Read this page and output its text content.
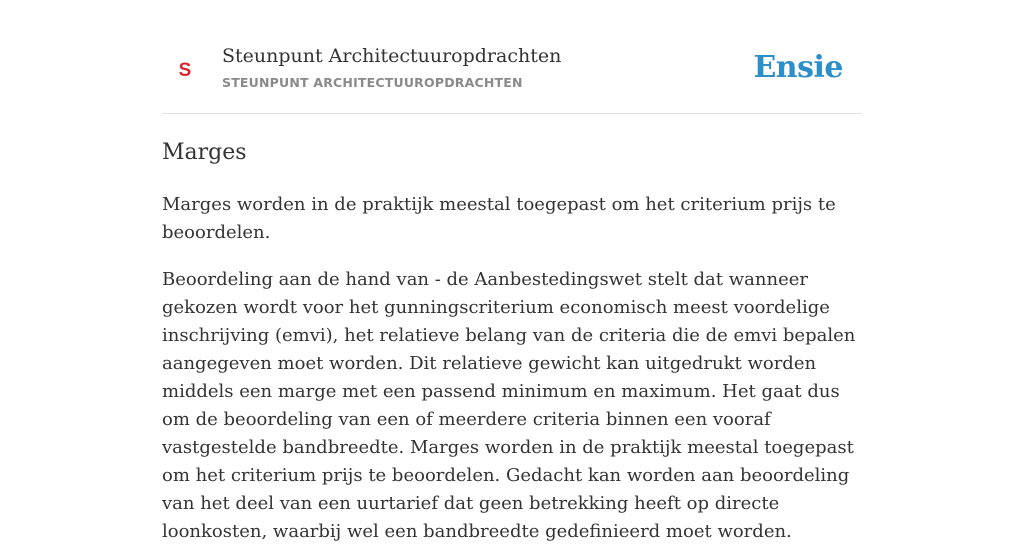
S
Steunpunt Architectuuropdrachten
STEUNPUNT ARCHITECTUUROPDRACHTEN	Ensie
Marges

Marges worden in de praktijk meestal toegepast om het criterium prijs te beoordelen.

Beoordeling aan de hand van - de Aanbestedingswet stelt dat wanneer gekozen wordt voor het gunningscriterium economisch meest voordelige inschrijving (emvi), het relatieve belang van de criteria die de emvi bepalen aangegeven moet worden. Dit relatieve gewicht kan uitgedrukt worden middels een marge met een passend minimum en maximum. Het gaat dus om de beoordeling van een of meerdere criteria binnen een vooraf vastgestelde bandbreedte. Marges worden in de praktijk meestal toegepast om het criterium prijs te beoordelen. Gedacht kan worden aan beoordeling van het deel van een uurtarief dat geen betrekking heeft op directe loonkosten, waarbij wel een bandbreedte gedefinieerd moet worden.
